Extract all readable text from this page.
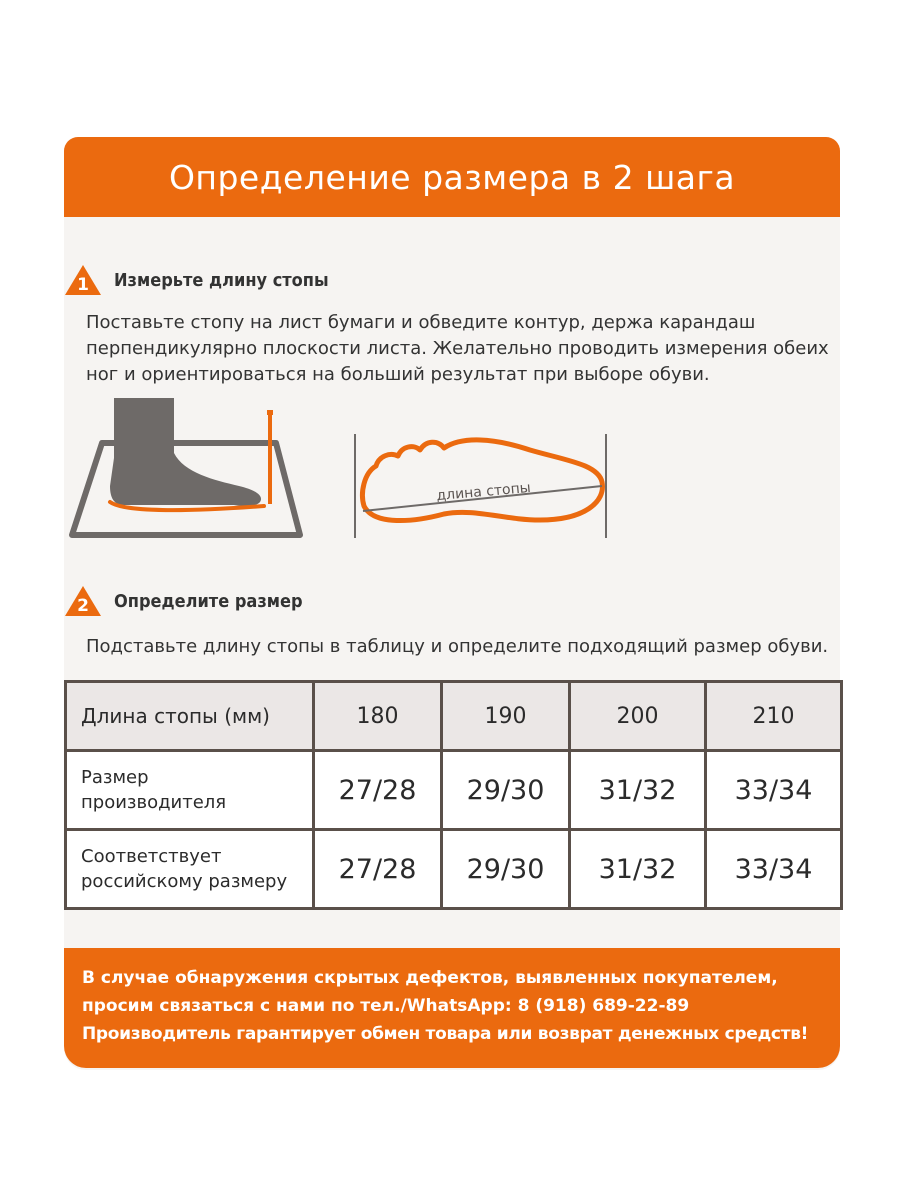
Определение размера в 2 шага
1	Измерьте длину стопы
Поставьте стопу на лист бумаги и обведите контур, держа карандаш
перпендикулярно плоскости листа. Желательно проводить измерения обеих
ног и ориентироваться на больший результат при выборе обуви.
длина стопы
2	Определите размер
Подставьте длину стопы в таблицу и определите подходящий размер обуви.
Длина стопы (мм)	180	190	200	210

Размер
производителя	27/28	29/30	31/32	33/34

Соответствует
российскому размеру	27/28	29/30	31/32	33/34
В случае обнаружения скрытых дефектов, выявленных покупателем,
просим связаться с нами по тел./WhatsApp: 8 (918) 689-22-89
Производитель гарантирует обмен товара или возврат денежных средств!
